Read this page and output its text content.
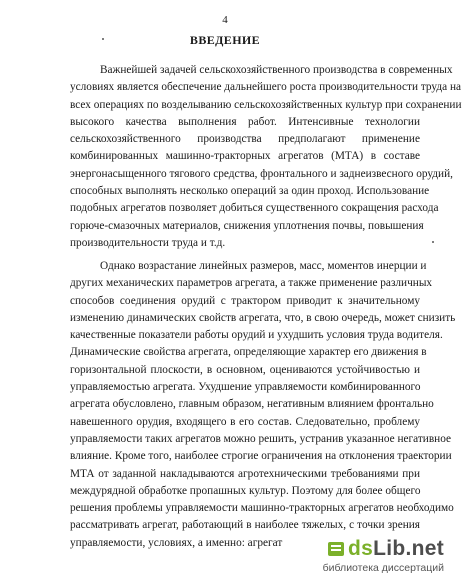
4
ВВЕДЕНИЕ
Важнейшей задачей сельскохозяйственного производства в современных
условиях является обеспечение дальнейшего роста производительности труда на
всех операциях по возделыванию сельскохозяйственных культур при сохранении
высокого качества выполнения работ. Интенсивные технологии
сельскохозяйственного производства предполагают применение
комбинированных машинно-тракторных агрегатов (МТА) в составе
энергонасыщенного тягового средства, фронтального и заднеизвесного орудий,
способных выполнять несколько операций за один проход. Использование
подобных агрегатов позволяет добиться существенного сокращения расхода
горюче-смазочных материалов, снижения уплотнения почвы, повышения
производительности труда и т.д.
Однако возрастание линейных размеров, масс, моментов инерции и
других механических параметров агрегата, а также применение различных
способов соединения орудий с трактором приводит к значительному
изменению динамических свойств агрегата, что, в свою очередь, может снизить
качественные показатели работы орудий и ухудшить условия труда водителя.
Динамические свойства агрегата, определяющие характер его движения в
горизонтальной плоскости, в основном, оцениваются устойчивостью и
управляемостью агрегата. Ухудшение управляемости комбинированного
агрегата обусловлено, главным образом, негативным влиянием фронтально
навешенного орудия, входящего в его состав. Следовательно, проблему
управляемости таких агрегатов можно решить, устранив указанное негативное
влияние. Кроме того, наиболее строгие ограничения на отклонения траектории
МТА от заданной накладываются агротехническими требованиями при
междурядной обработке пропашных культур. Поэтому для более общего
решения проблемы управляемости машинно-тракторных агрегатов необходимо
рассматривать агрегат, работающий в наиболее тяжелых, с точки зрения
управляемости, условиях, а именно: агрегат	dsLib.net
библиотека диссертаций
